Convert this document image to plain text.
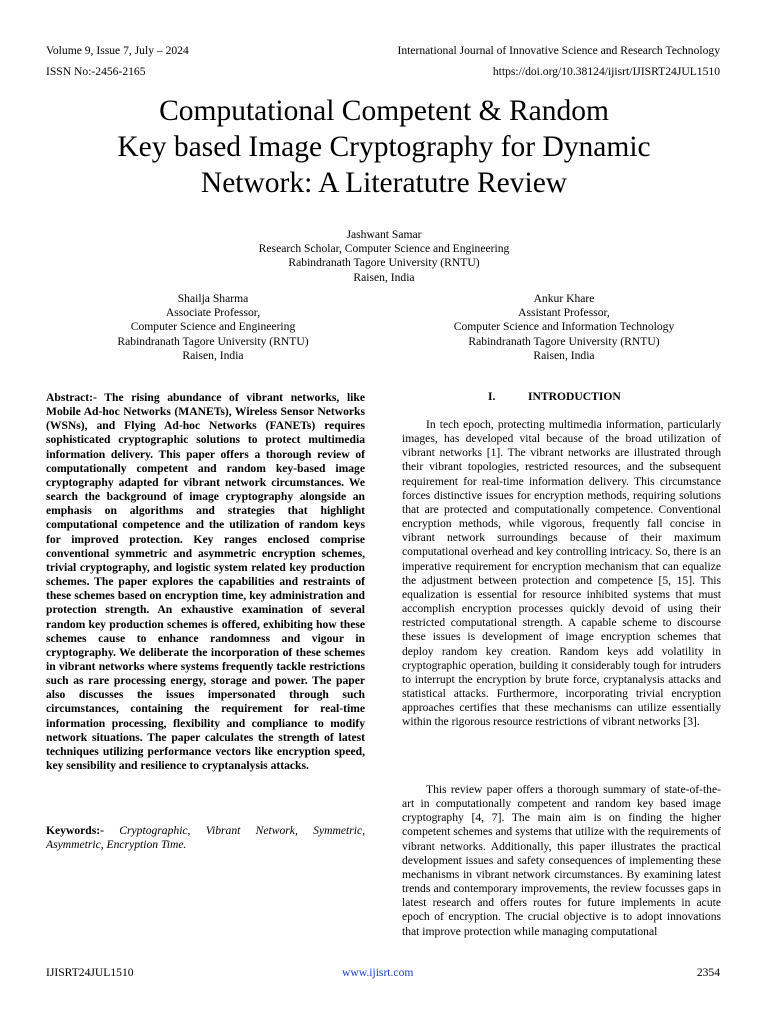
Volume 9, Issue 7, July – 2024	International Journal of Innovative Science and Research Technology
ISSN No:-2456-2165	https://doi.org/10.38124/ijisrt/IJISRT24JUL1510
Computational Competent & Random
Key based Image Cryptography for Dynamic
Network: A Literatutre Review
Jashwant Samar
Research Scholar, Computer Science and Engineering
Rabindranath Tagore University (RNTU)
Raisen, India
Shailja Sharma
Associate Professor,
Computer Science and Engineering
Rabindranath Tagore University (RNTU)
Raisen, India
Ankur Khare
Assistant Professor,
Computer Science and Information Technology
Rabindranath Tagore University (RNTU)
Raisen, India
Abstract:- The rising abundance of vibrant networks, like Mobile Ad-hoc Networks (MANETs), Wireless Sensor Networks (WSNs), and Flying Ad-hoc Networks (FANETs) requires sophisticated cryptographic solutions to protect multimedia information delivery. This paper offers a thorough review of computationally competent and random key-based image cryptography adapted for vibrant network circumstances. We search the background of image cryptography alongside an emphasis on algorithms and strategies that highlight computational competence and the utilization of random keys for improved protection. Key ranges enclosed comprise conventional symmetric and asymmetric encryption schemes, trivial cryptography, and logistic system related key production schemes. The paper explores the capabilities and restraints of these schemes based on encryption time, key administration and protection strength. An exhaustive examination of several random key production schemes is offered, exhibiting how these schemes cause to enhance randomness and vigour in cryptography. We deliberate the incorporation of these schemes in vibrant networks where systems frequently tackle restrictions such as rare processing energy, storage and power. The paper also discusses the issues impersonated through such circumstances, containing the requirement for real-time information processing, flexibility and compliance to modify network situations. The paper calculates the strength of latest techniques utilizing performance vectors like encryption speed, key sensibility and resilience to cryptanalysis attacks.
Keywords:- Cryptographic, Vibrant Network, Symmetric, Asymmetric, Encryption Time.
I.	INTRODUCTION
In tech epoch, protecting multimedia information, particularly images, has developed vital because of the broad utilization of vibrant networks [1]. The vibrant networks are illustrated through their vibrant topologies, restricted resources, and the subsequent requirement for real-time information delivery. This circumstance forces distinctive issues for encryption methods, requiring solutions that are protected and computationally competence. Conventional encryption methods, while vigorous, frequently fall concise in vibrant network surroundings because of their maximum computational overhead and key controlling intricacy. So, there is an imperative requirement for encryption mechanism that can equalize the adjustment between protection and competence [5, 15]. This equalization is essential for resource inhibited systems that must accomplish encryption processes quickly devoid of using their restricted computational strength. A capable scheme to discourse these issues is development of image encryption schemes that deploy random key creation. Random keys add volatility in cryptographic operation, building it considerably tough for intruders to interrupt the encryption by brute force, cryptanalysis attacks and statistical attacks. Furthermore, incorporating trivial encryption approaches certifies that these mechanisms can utilize essentially within the rigorous resource restrictions of vibrant networks [3].
This review paper offers a thorough summary of state-of-the-art in computationally competent and random key based image cryptography [4, 7]. The main aim is on finding the higher competent schemes and systems that utilize with the requirements of vibrant networks. Additionally, this paper illustrates the practical development issues and safety consequences of implementing these mechanisms in vibrant network circumstances. By examining latest trends and contemporary improvements, the review focusses gaps in latest research and offers routes for future implements in acute epoch of encryption. The crucial objective is to adopt innovations that improve protection while managing computational
IJISRT24JUL1510	www.ijisrt.com	2354
